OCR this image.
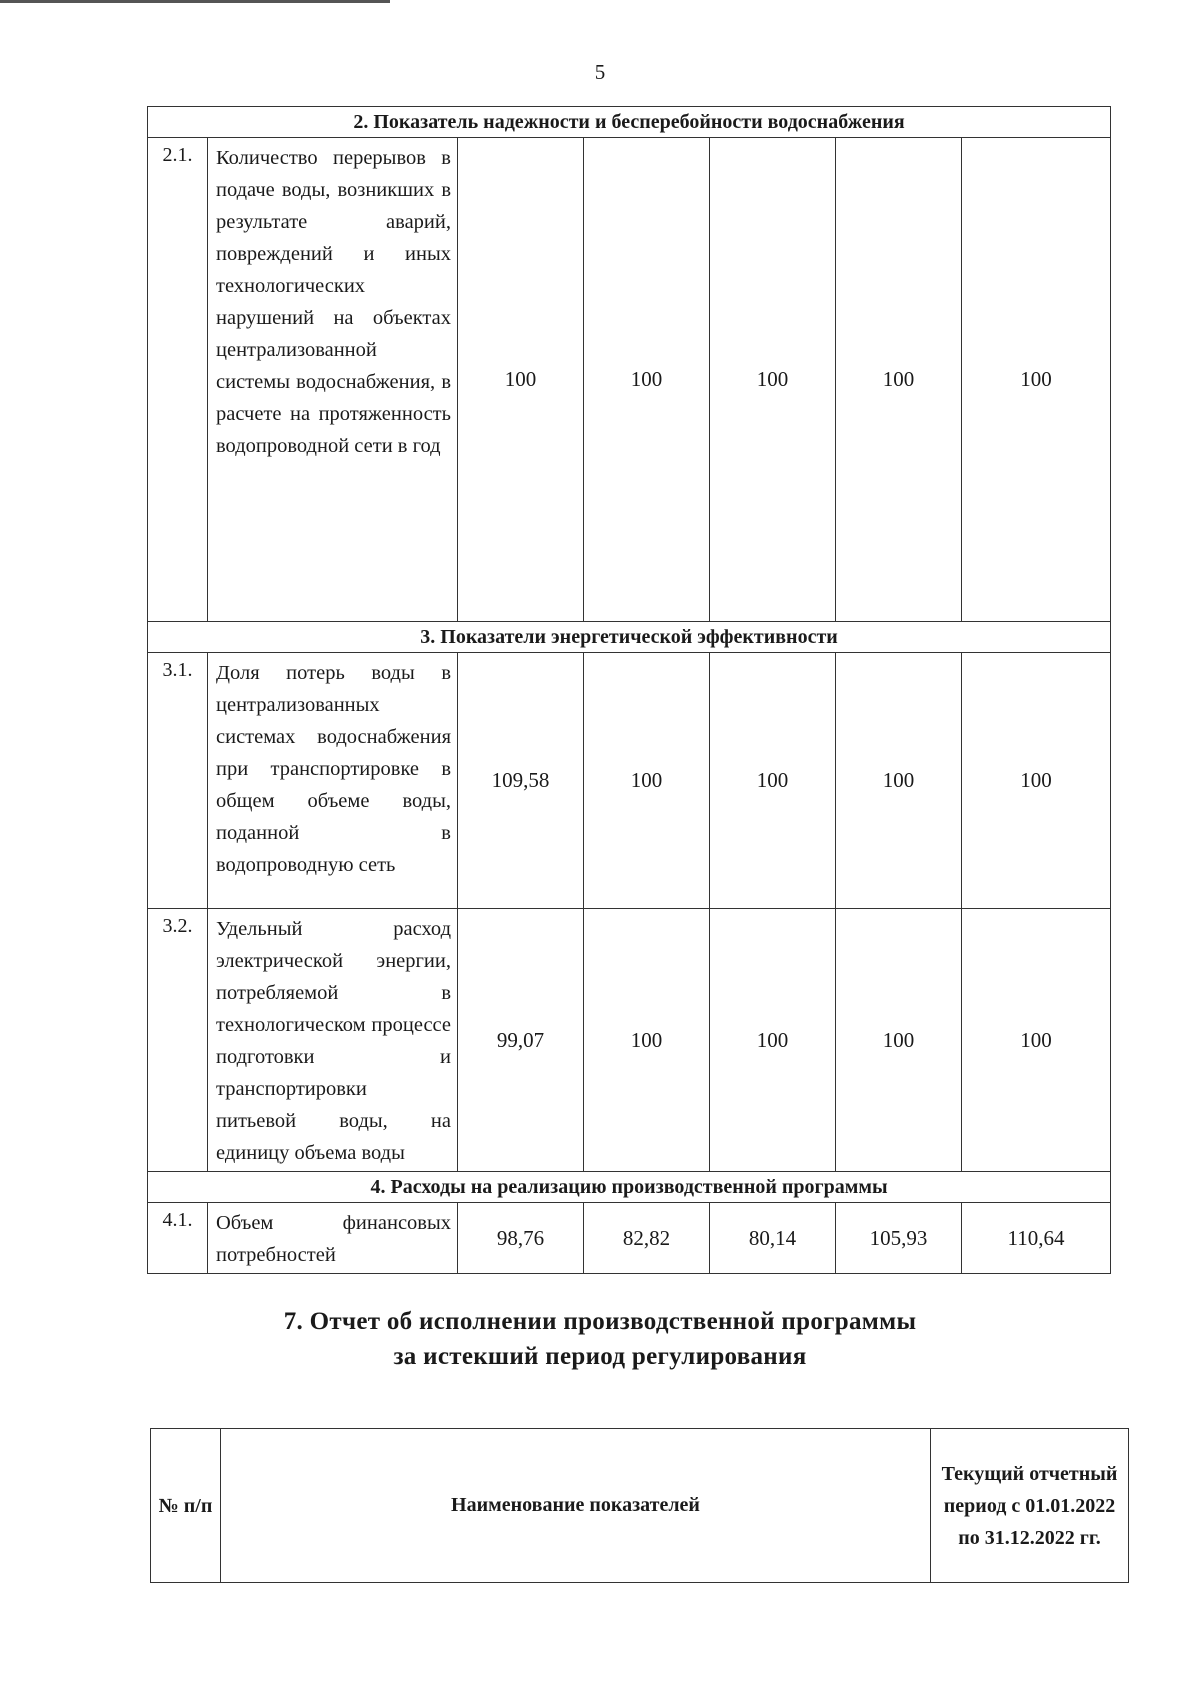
5
2. Показатель надежности и бесперебойности водоснабжения						
2.1.	Количество перерывов в подаче воды, возникших в результате аварий, повреждений и иных технологических нарушений на объектах централизованной системы водоснабжения, в расчете на протяженность водопроводной сети в год	100	100	100	100	100
3. Показатели энергетической эффективности						
3.1.	Доля потерь воды в централизованных системах водоснабжения при транспортировке в общем объеме воды, поданной в водопроводную сеть	109,58	100	100	100	100
3.2.	Удельный расход электрической энергии, потребляемой в технологическом процессе подготовки и транспортировки питьевой воды, на единицу объема воды	99,07	100	100	100	100
4. Расходы на реализацию производственной программы						
4.1.	Объем финансовых потребностей	98,76	82,82	80,14	105,93	110,64
7. Отчет об исполнении производственной программы
за истекший период регулирования
№ п/п	Наименование показателей	Текущий отчетный период с 01.01.2022 по 31.12.2022 гг.
